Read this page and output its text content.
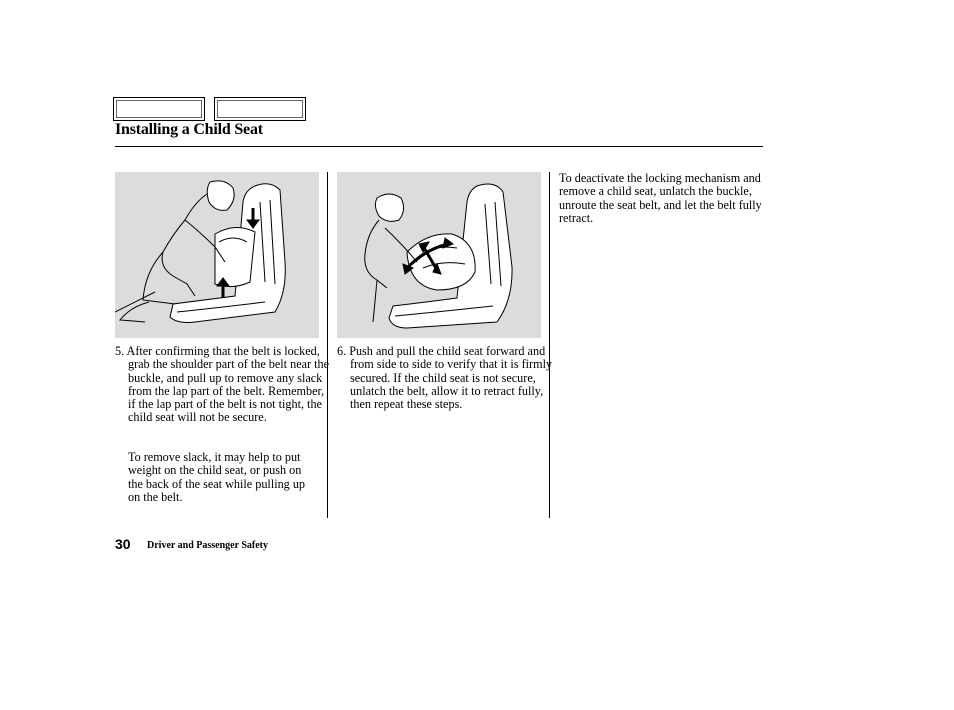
Installing a Child Seat

5. After confirming that the belt is locked, grab the shoulder part of the belt near the buckle, and pull up to remove any slack from the lap part of the belt. Remember, if the lap part of the belt is not tight, the child seat will not be secure.

To remove slack, it may help to put weight on the child seat, or push on the back of the seat while pulling up on the belt.

6. Push and pull the child seat forward and from side to side to verify that it is firmly secured. If the child seat is not secure, unlatch the belt, allow it to retract fully, then repeat these steps.

To deactivate the locking mechanism and remove a child seat, unlatch the buckle, unroute the seat belt, and let the belt fully retract.

30 Driver and Passenger Safety
